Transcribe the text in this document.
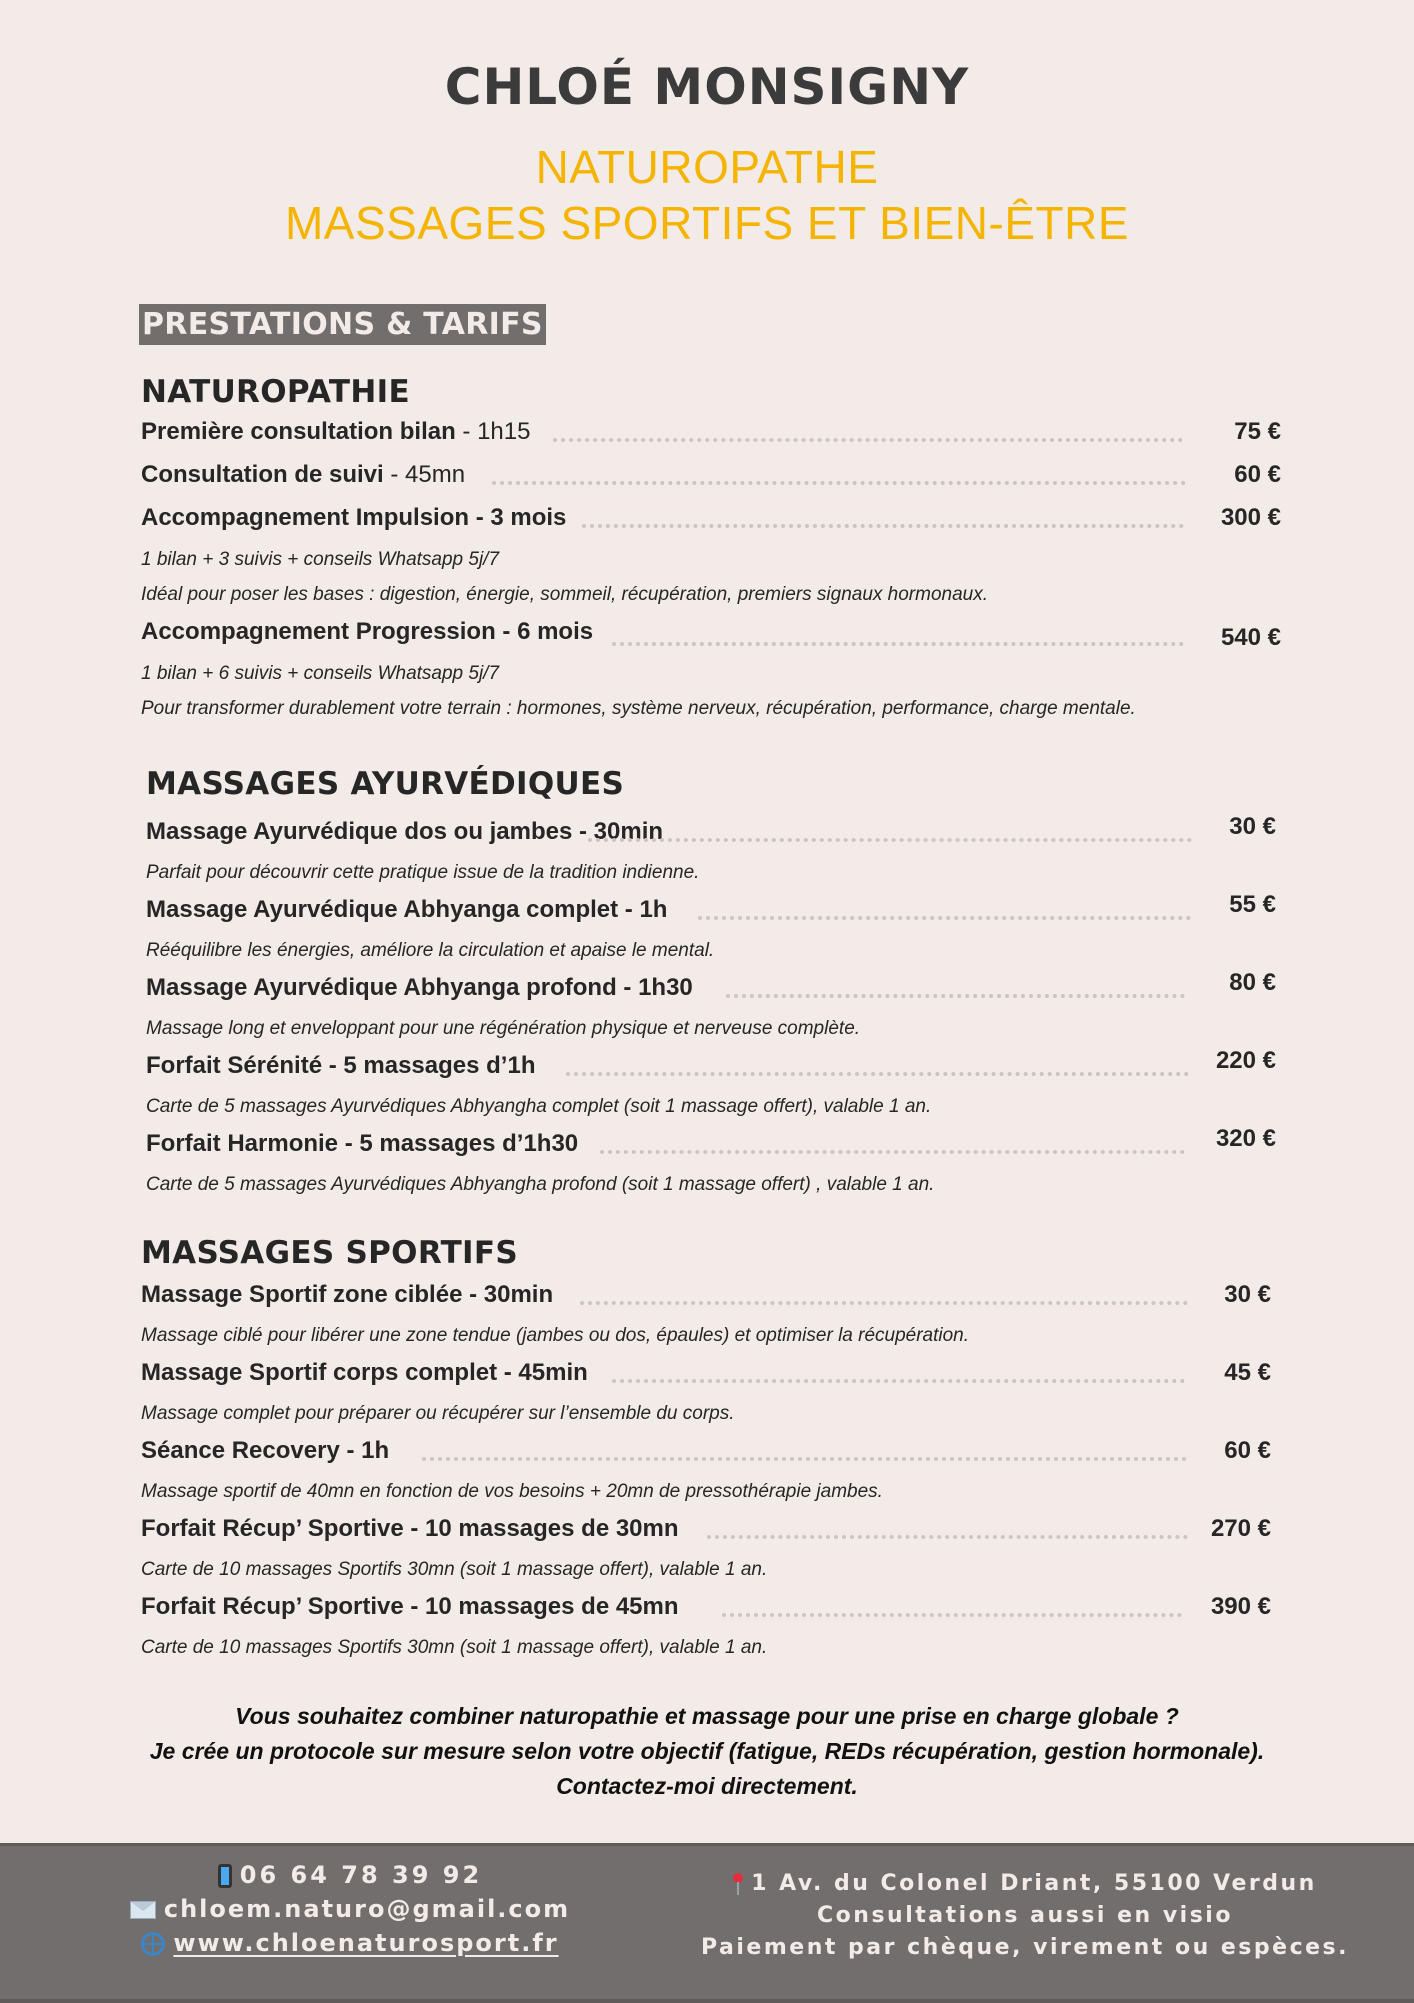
CHLOÉ MONSIGNY
NATUROPATHE
MASSAGES SPORTIFS ET BIEN-ÊTRE
PRESTATIONS & TARIFS
NATUROPATHIE
Première consultation bilan - 1h15	75 €
Consultation de suivi - 45mn	60 €
Accompagnement Impulsion - 3 mois	300 €
1 bilan + 3 suivis + conseils Whatsapp 5j/7
Idéal pour poser les bases : digestion, énergie, sommeil, récupération, premiers signaux hormonaux.
Accompagnement Progression - 6 mois	540 €
1 bilan + 6 suivis + conseils Whatsapp 5j/7
Pour transformer durablement votre terrain : hormones, système nerveux, récupération, performance, charge mentale.
MASSAGES AYURVÉDIQUES
Massage Ayurvédique dos ou jambes - 30min	30 €
Parfait pour découvrir cette pratique issue de la tradition indienne.
Massage Ayurvédique Abhyanga complet - 1h	55 €
Rééquilibre les énergies, améliore la circulation et apaise le mental.
Massage Ayurvédique Abhyanga profond - 1h30	80 €
Massage long et enveloppant pour une régénération physique et nerveuse complète.
Forfait Sérénité - 5 massages d’1h	220 €
Carte de 5 massages Ayurvédiques Abhyangha complet (soit 1 massage offert), valable 1 an.
Forfait Harmonie - 5 massages d’1h30	320 €
Carte de 5 massages Ayurvédiques Abhyangha profond (soit 1 massage offert) , valable 1 an.
MASSAGES SPORTIFS
Massage Sportif zone ciblée - 30min	30 €
Massage ciblé pour libérer une zone tendue (jambes ou dos, épaules) et optimiser la récupération.
Massage Sportif corps complet - 45min	45 €
Massage complet pour préparer ou récupérer sur l’ensemble du corps.
Séance Recovery - 1h	60 €
Massage sportif de 40mn en fonction de vos besoins + 20mn de pressothérapie jambes.
Forfait Récup’ Sportive - 10 massages de 30mn	270 €
Carte de 10 massages Sportifs 30mn (soit 1 massage offert), valable 1 an.
Forfait Récup’ Sportive - 10 massages de 45mn	390 €
Carte de 10 massages Sportifs 30mn (soit 1 massage offert), valable 1 an.
Vous souhaitez combiner naturopathie et massage pour une prise en charge globale ?
Je crée un protocole sur mesure selon votre objectif (fatigue, REDs récupération, gestion hormonale).
Contactez-moi directement.
06 64 78 39 92
chloem.naturo@gmail.com
www.chloenaturosport.fr
1 Av. du Colonel Driant, 55100 Verdun
Consultations aussi en visio
Paiement par chèque, virement ou espèces.
